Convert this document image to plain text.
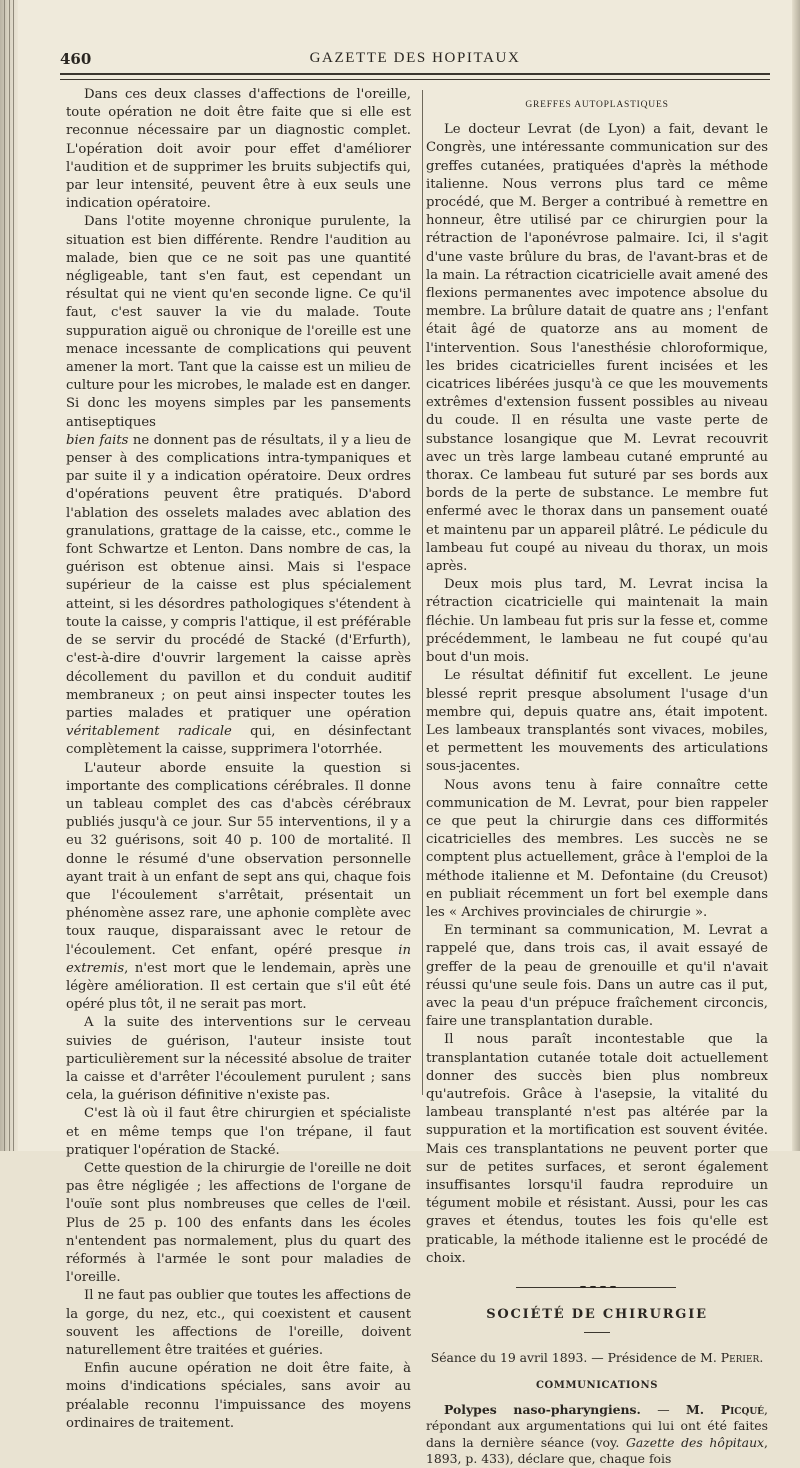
460	GAZETTE DES HOPITAUX

Dans ces deux classes d'affections de l'oreille, toute opération ne doit être faite que si elle est reconnue nécessaire par un diagnostic complet. L'opération doit avoir pour effet d'améliorer l'audition et de supprimer les bruits subjectifs qui, par leur intensité, peuvent être à eux seuls une indication opératoire.

Dans l'otite moyenne chronique purulente, la situation est bien différente. Rendre l'audition au malade, bien que ce ne soit pas une quantité négligeable, tant s'en faut, est cependant un résultat qui ne vient qu'en seconde ligne. Ce qu'il faut, c'est sauver la vie du malade. Toute suppuration aiguë ou chronique de l'oreille est une menace incessante de complications qui peuvent amener la mort. Tant que la caisse est un milieu de culture pour les microbes, le malade est en danger. Si donc les moyens simples par les pansements antiseptiques

bien faits ne donnent pas de résultats, il y a lieu de penser à des complications intra-tympaniques et par suite il y a indication opératoire. Deux ordres d'opérations peuvent être pratiqués. D'abord l'ablation des osselets malades avec ablation des granulations, grattage de la caisse, etc., comme le font Schwartze et Lenton. Dans nombre de cas, la guérison est obtenue ainsi. Mais si l'espace supérieur de la caisse est plus spécialement atteint, si les désordres pathologiques s'étendent à toute la caisse, y compris l'attique, il est préférable de se servir du procédé de Stacké (d'Erfurth), c'est-à-dire d'ouvrir largement la caisse après décollement du pavillon et du conduit auditif membraneux ; on peut ainsi inspecter toutes les parties malades et pratiquer une opération véritablement radicale qui, en désinfectant complètement la caisse, supprimera l'otorrhée.

L'auteur aborde ensuite la question si importante des complications cérébrales. Il donne un tableau complet des cas d'abcès cérébraux publiés jusqu'à ce jour. Sur 55 interventions, il y a eu 32 guérisons, soit 40 p. 100 de mortalité. Il donne le résumé d'une observation personnelle ayant trait à un enfant de sept ans qui, chaque fois que l'écoulement s'arrêtait, présentait un phénomène assez rare, une aphonie complète avec toux rauque, disparaissant avec le retour de l'écoulement. Cet enfant, opéré presque in extremis, n'est mort que le lendemain, après une légère amélioration. Il est certain que s'il eût été opéré plus tôt, il ne serait pas mort.

A la suite des interventions sur le cerveau suivies de guérison, l'auteur insiste tout particulièrement sur la nécessité absolue de traiter la caisse et d'arrêter l'écoulement purulent ; sans cela, la guérison définitive n'existe pas.

C'est là où il faut être chirurgien et spécialiste et en même temps que l'on trépane, il faut pratiquer l'opération de Stacké.

Cette question de la chirurgie de l'oreille ne doit pas être négligée ; les affections de l'organe de l'ouïe sont plus nombreuses que celles de l'œil. Plus de 25 p. 100 des enfants dans les écoles n'entendent pas normalement, plus du quart des réformés à l'armée le sont pour maladies de l'oreille.

Il ne faut pas oublier que toutes les affections de la gorge, du nez, etc., qui coexistent et causent souvent les affections de l'oreille, doivent naturellement être traitées et guéries.

Enfin aucune opération ne doit être faite, à moins d'indications spéciales, sans avoir au préalable reconnu l'impuissance des moyens ordinaires de traitement.

GREFFES AUTOPLASTIQUES

Le docteur Levrat (de Lyon) a fait, devant le Congrès, une intéressante communication sur des greffes cutanées, pratiquées d'après la méthode italienne. Nous verrons plus tard ce même procédé, que M. Berger a contribué à remettre en honneur, être utilisé par ce chirurgien pour la rétraction de l'aponévrose palmaire. Ici, il s'agit d'une vaste brûlure du bras, de l'avant-bras et de la main. La rétraction cicatricielle avait amené des flexions permanentes avec impotence absolue du membre. La brûlure datait de quatre ans ; l'enfant était âgé de quatorze ans au moment de l'intervention. Sous l'anesthésie chloroformique, les brides cicatricielles furent incisées et les cicatrices libérées jusqu'à ce que les mouvements extrêmes d'extension fussent possibles au niveau du coude. Il en résulta une vaste perte de substance losangique que M. Levrat recouvrit avec un très large lambeau cutané emprunté au thorax. Ce lambeau fut suturé par ses bords aux bords de la perte de substance. Le membre fut enfermé avec le thorax dans un pansement ouaté et maintenu par un appareil plâtré. Le pédicule du lambeau fut coupé au niveau du thorax, un mois après.

Deux mois plus tard, M. Levrat incisa la rétraction cicatricielle qui maintenait la main fléchie. Un lambeau fut pris sur la fesse et, comme précédemment, le lambeau ne fut coupé qu'au bout d'un mois.

Le résultat définitif fut excellent. Le jeune blessé reprit presque absolument l'usage d'un membre qui, depuis quatre ans, était impotent. Les lambeaux transplantés sont vivaces, mobiles, et permettent les mouvements des articulations sous-jacentes.

Nous avons tenu à faire connaître cette communication de M. Levrat, pour bien rappeler ce que peut la chirurgie dans ces difformités cicatricielles des membres. Les succès ne se comptent plus actuellement, grâce à l'emploi de la méthode italienne et M. Defontaine (du Creusot) en publiait récemment un fort bel exemple dans les « Archives provinciales de chirurgie ».

En terminant sa communication, M. Levrat a rappelé que, dans trois cas, il avait essayé de greffer de la peau de grenouille et qu'il n'avait réussi qu'une seule fois. Dans un autre cas il put, avec la peau d'un prépuce fraîchement circoncis, faire une transplantation durable.

Il nous paraît incontestable que la transplantation cutanée totale doit actuellement donner des succès bien plus nombreux qu'autrefois. Grâce à l'asepsie, la vitalité du lambeau transplanté n'est pas altérée par la suppuration et la mortification est souvent évitée. Mais ces transplantations ne peuvent porter que sur de petites surfaces, et seront également insuffisantes lorsqu'il faudra reproduire un tégument mobile et résistant. Aussi, pour les cas graves et étendus, toutes les fois qu'elle est praticable, la méthode italienne est le procédé de choix.

SOCIÉTÉ DE CHIRURGIE
Séance du 19 avril 1893. — Présidence de M. Perier.
COMMUNICATIONS

Polypes naso-pharyngiens. — M. Picqué, répondant aux argumentations qui lui ont été faites dans la dernière séance (voy. Gazette des hôpitaux, 1893, p. 433), déclare que, chaque fois
